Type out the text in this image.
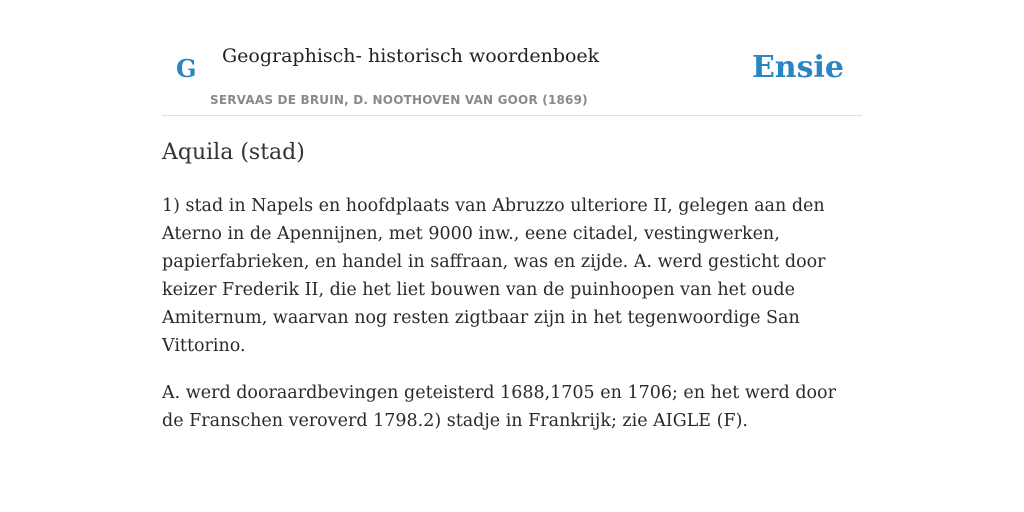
G Geographisch- historisch woordenboek
SERVAAS DE BRUIN, D. NOOTHOVEN VAN GOOR (1869)
Ensie
Aquila (stad)

1) stad in Napels en hoofdplaats van Abruzzo ulteriore II, gelegen aan den Aterno in de Apennijnen, met 9000 inw., eene citadel, vestingwerken, papierfabrieken, en handel in saffraan, was en zijde. A. werd gesticht door keizer Frederik II, die het liet bouwen van de puinhoopen van het oude Amiternum, waarvan nog resten zigtbaar zijn in het tegenwoordige San Vittorino.

A. werd dooraardbevingen geteisterd 1688,1705 en 1706; en het werd door de Franschen veroverd 1798.2) stadje in Frankrijk; zie AIGLE (F).
